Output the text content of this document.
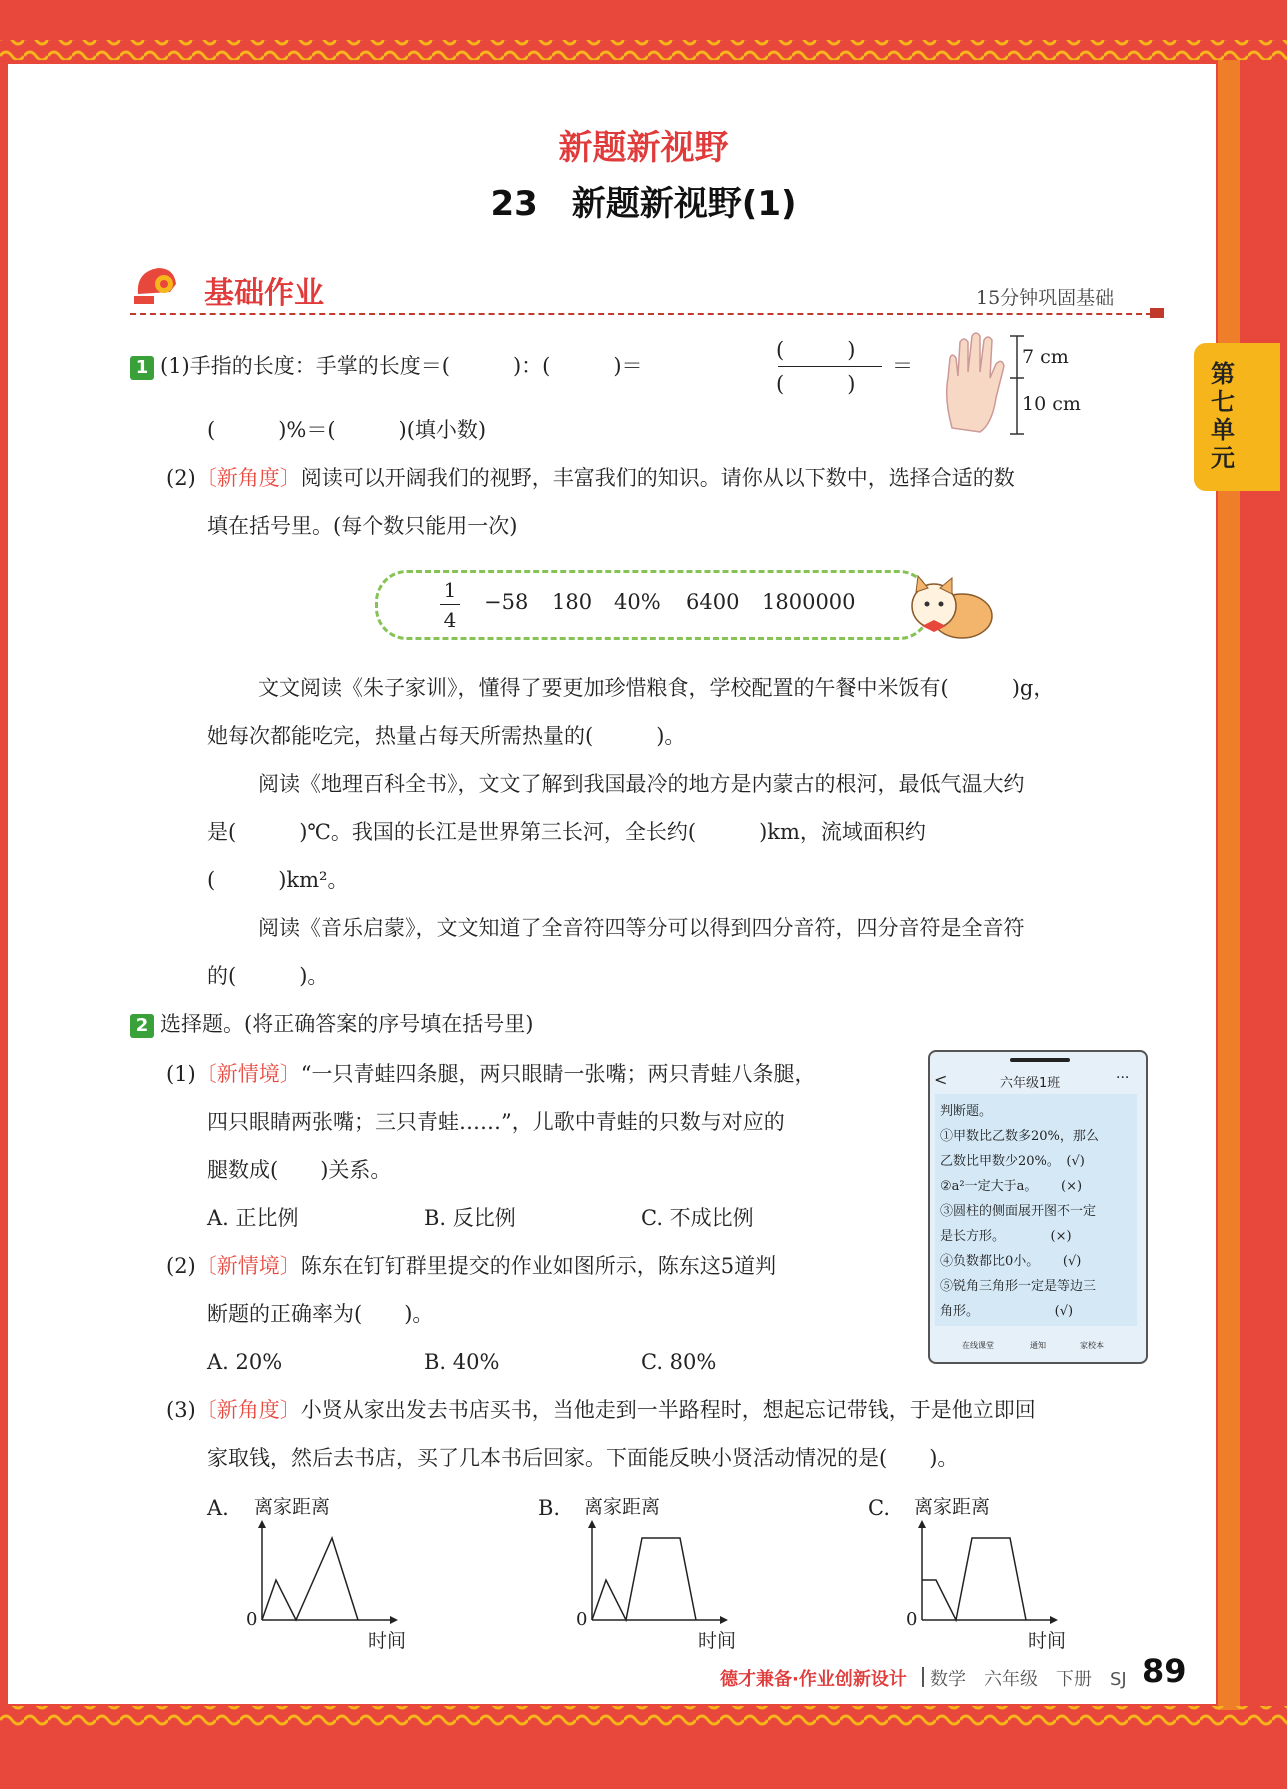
第七单元
新题新视野
23　新题新视野(1)
基础作业	15分钟巩固基础
1 (1)手指的长度：手掌的长度＝(　　　)：(　　　)＝
(　　　)
(　　　)
＝	7 cm
10 cm
(　　　)%＝(　　　)(填小数)
(2)〔新角度〕阅读可以开阔我们的视野，丰富我们的知识。请你从以下数中，选择合适的数
填在括号里。(每个数只能用一次)
1
4
−58 180 40% 6400 1800000
文文阅读《朱子家训》，懂得了要更加珍惜粮食，学校配置的午餐中米饭有(　　　)g，
她每次都能吃完，热量占每天所需热量的(　　　)。
阅读《地理百科全书》，文文了解到我国最冷的地方是内蒙古的根河，最低气温大约
是(　　　)℃。我国的长江是世界第三长河，全长约(　　　)km，流域面积约
(　　　)km²。
阅读《音乐启蒙》，文文知道了全音符四等分可以得到四分音符，四分音符是全音符
的(　　　)。
2 选择题。(将正确答案的序号填在括号里)
(1)〔新情境〕“一只青蛙四条腿，两只眼睛一张嘴；两只青蛙八条腿，
四只眼睛两张嘴；三只青蛙……”，儿歌中青蛙的只数与对应的
腿数成(　　)关系。
A. 正比例	B. 反比例	C. 不成比例
(2)〔新情境〕陈东在钉钉群里提交的作业如图所示，陈东这5道判
断题的正确率为(　　)。
A. 20%	B. 40%	C. 80%
<	六年级1班	···
判断题。
①甲数比乙数多20%，那么
乙数比甲数少20%。　(√)
②a²一定大于a。　　 (×)
③圆柱的侧面展开图不一定
是长方形。　　　　(×)
④负数都比0小。　　 (√)
⑤锐角三角形一定是等边三
角形。　　　　　　 (√)
在线课堂	通知	家校本
(3)〔新角度〕小贤从家出发去书店买书，当他走到一半路程时，想起忘记带钱，于是他立即回
家取钱，然后去书店，买了几本书后回家。下面能反映小贤活动情况的是(　　)。
A. 离家距离
0
时间
B. 离家距离
0
时间
C. 离家距离
0
时间
德才兼备·作业创新设计 数学　六年级　下册　SJ 89
